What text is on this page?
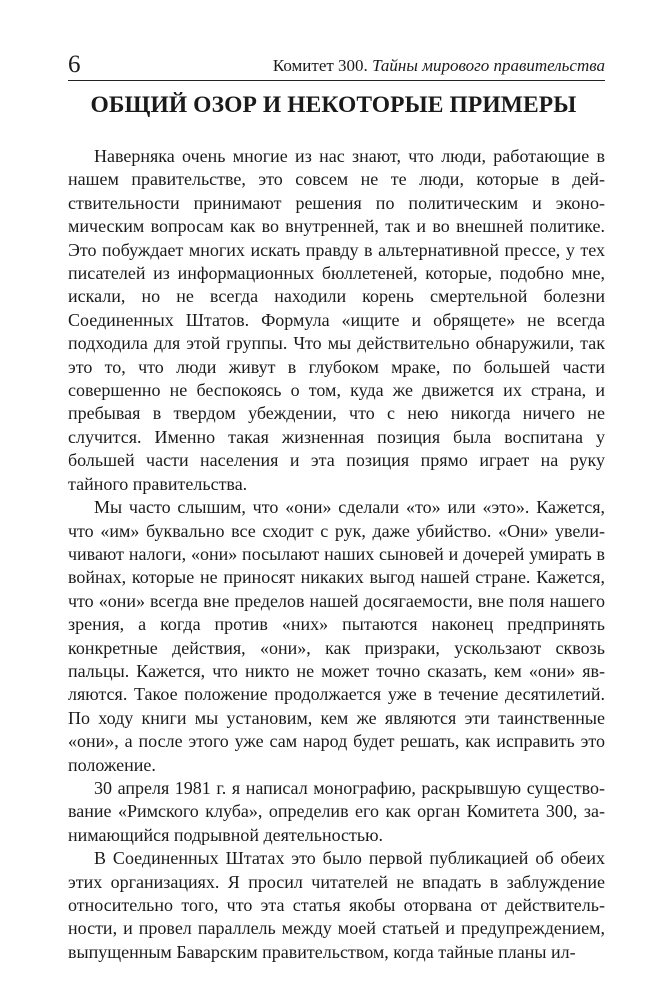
6	Комитет 300. Тайны мирового правительства
ОБЩИЙ ОЗОР И НЕКОТОРЫЕ ПРИМЕРЫ

Наверняка очень многие из нас знают, что люди, работающие в нашем правительстве, это совсем не те люди, которые в действительности принимают решения по политическим и экономическим вопросам как во внутренней, так и во внешней политике. Это побуждает многих искать правду в альтернативной прессе, у тех писателей из информационных бюллетеней, которые, подобно мне, искали, но не всегда находили корень смертельной болезни Соединенных Штатов. Формула «ищите и обрящете» не всегда подходила для этой группы. Что мы действительно обнаружили, так это то, что люди живут в глубоком мраке, по большей части совершенно не беспокоясь о том, куда же движется их страна, и пребывая в твердом убеждении, что с нею никогда ничего не случится. Именно такая жизненная позиция была воспитана у большей части населения и эта позиция прямо играет на руку тайного правительства.

Мы часто слышим, что «они» сделали «то» или «это». Кажется, что «им» буквально все сходит с рук, даже убийство. «Они» увеличивают налоги, «они» посылают наших сыновей и дочерей умирать в войнах, которые не приносят никаких выгод нашей стране. Кажется, что «они» всегда вне пределов нашей досягаемости, вне поля нашего зрения, а когда против «них» пытаются наконец предпринять конкретные действия, «они», как призраки, ускользают сквозь пальцы. Кажется, что никто не может точно сказать, кем «они» являются. Такое положение продолжается уже в течение десятилетий. По ходу книги мы установим, кем же являются эти таинственные «они», а после этого уже сам народ будет решать, как исправить это положение.

30 апреля 1981 г. я написал монографию, раскрывшую существование «Римского клуба», определив его как орган Комитета 300, занимающийся подрывной деятельностью.

В Соединенных Штатах это было первой публикацией об обеих этих организациях. Я просил читателей не впадать в заблуждение относительно того, что эта статья якобы оторвана от действительности, и провел параллель между моей статьей и предупреждением, выпущенным Баварским правительством, когда тайные планы ил-
